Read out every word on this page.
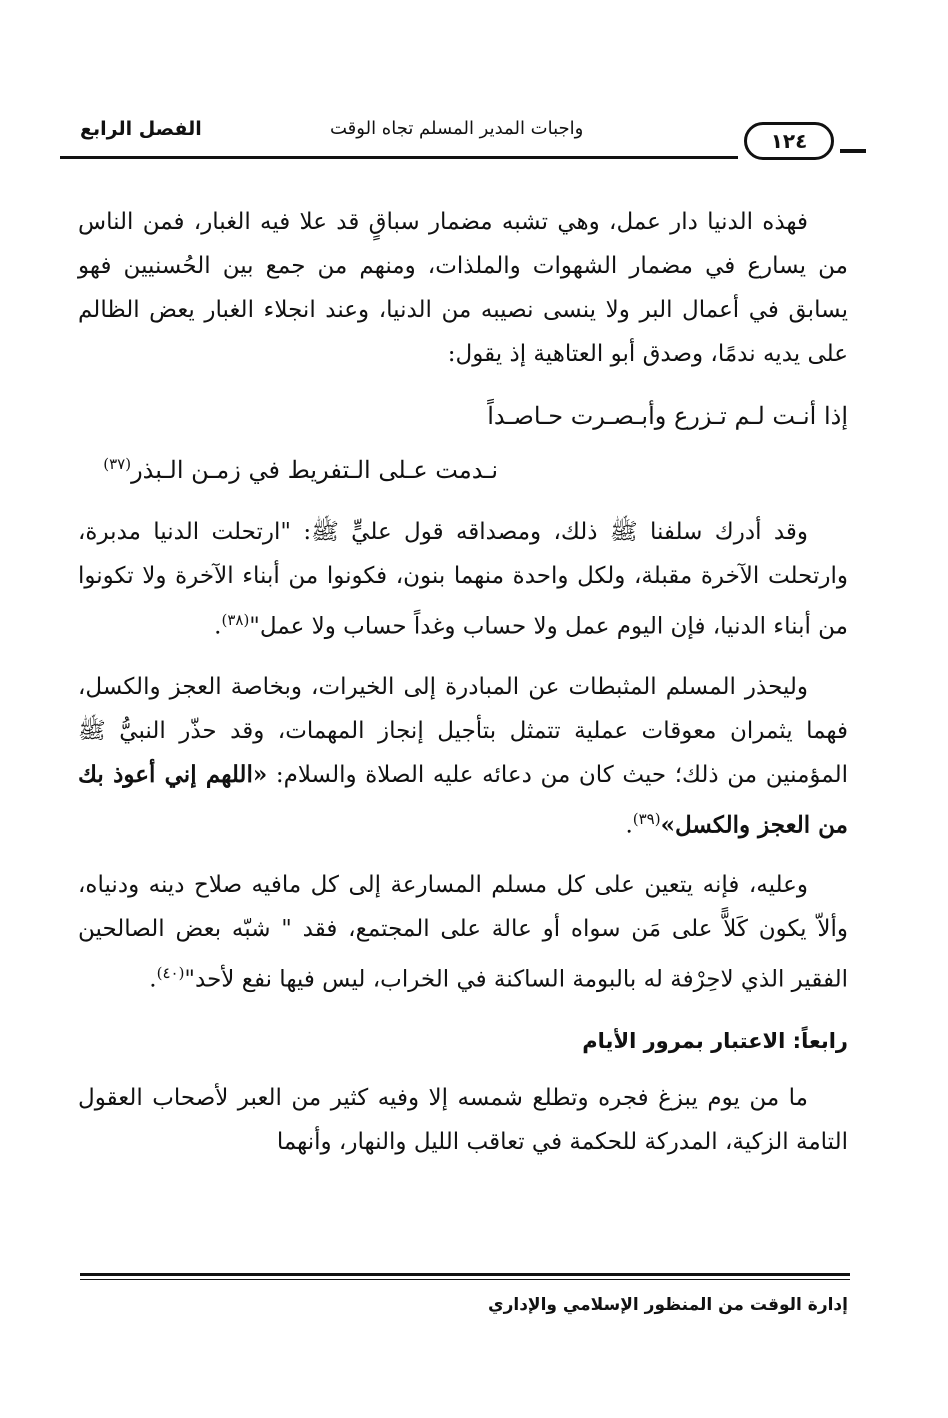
الفصل الرابع	واجبات المدير المسلم تجاه الوقت
١٢٤

فهذه الدنيا دار عمل، وهي تشبه مضمار سباقٍ قد علا فيه الغبار، فمن الناس من يسارع في مضمار الشهوات والملذات، ومنهم من جمع بين الحُسنيين فهو يسابق في أعمال البر ولا ينسى نصيبه من الدنيا، وعند انجلاء الغبار يعض الظالم على يديه ندمًا، وصدق أبو العتاهية إذ يقول:

إذا أنـت لـم تـزرع وأبـصـرت حـاصـداً

نـدمت عـلى الـتفريط في زمـن الـبذر$^{(٣٧)}$

وقد أدرك سلفنا ﷺ ذلك، ومصداقه قول عليٍّ ﷺ: "ارتحلت الدنيا مدبرة، وارتحلت الآخرة مقبلة، ولكل واحدة منهما بنون، فكونوا من أبناء الآخرة ولا تكونوا من أبناء الدنيا، فإن اليوم عمل ولا حساب وغداً حساب ولا عمل"$^{(٣٨)}$.

وليحذر المسلم المثبطات عن المبادرة إلى الخيرات، وبخاصة العجز والكسل، فهما يثمران معوقات عملية تتمثل بتأجيل إنجاز المهمات، وقد حذّر النبيُّ ﷺ المؤمنين من ذلك؛ حيث كان من دعائه عليه الصلاة والسلام: «اللهم إني أعوذ بك من العجز والكسل»$^{(٣٩)}$.

وعليه، فإنه يتعين على كل مسلم المسارعة إلى كل مافيه صلاح دينه ودنياه، وألاّ يكون كَلاًّ على مَن سواه أو عالة على المجتمع، فقد " شبّه بعض الصالحين الفقير الذي لاحِرْفة له بالبومة الساكنة في الخراب، ليس فيها نفع لأحد"$^{(٤٠)}$.

رابعاً: الاعتبار بمرور الأيام

ما من يوم يبزغ فجره وتطلع شمسه إلا وفيه كثير من العبر لأصحاب العقول التامة الزكية، المدركة للحكمة في تعاقب الليل والنهار، وأنهما

إدارة الوقت من المنظور الإسلامي والإداري
